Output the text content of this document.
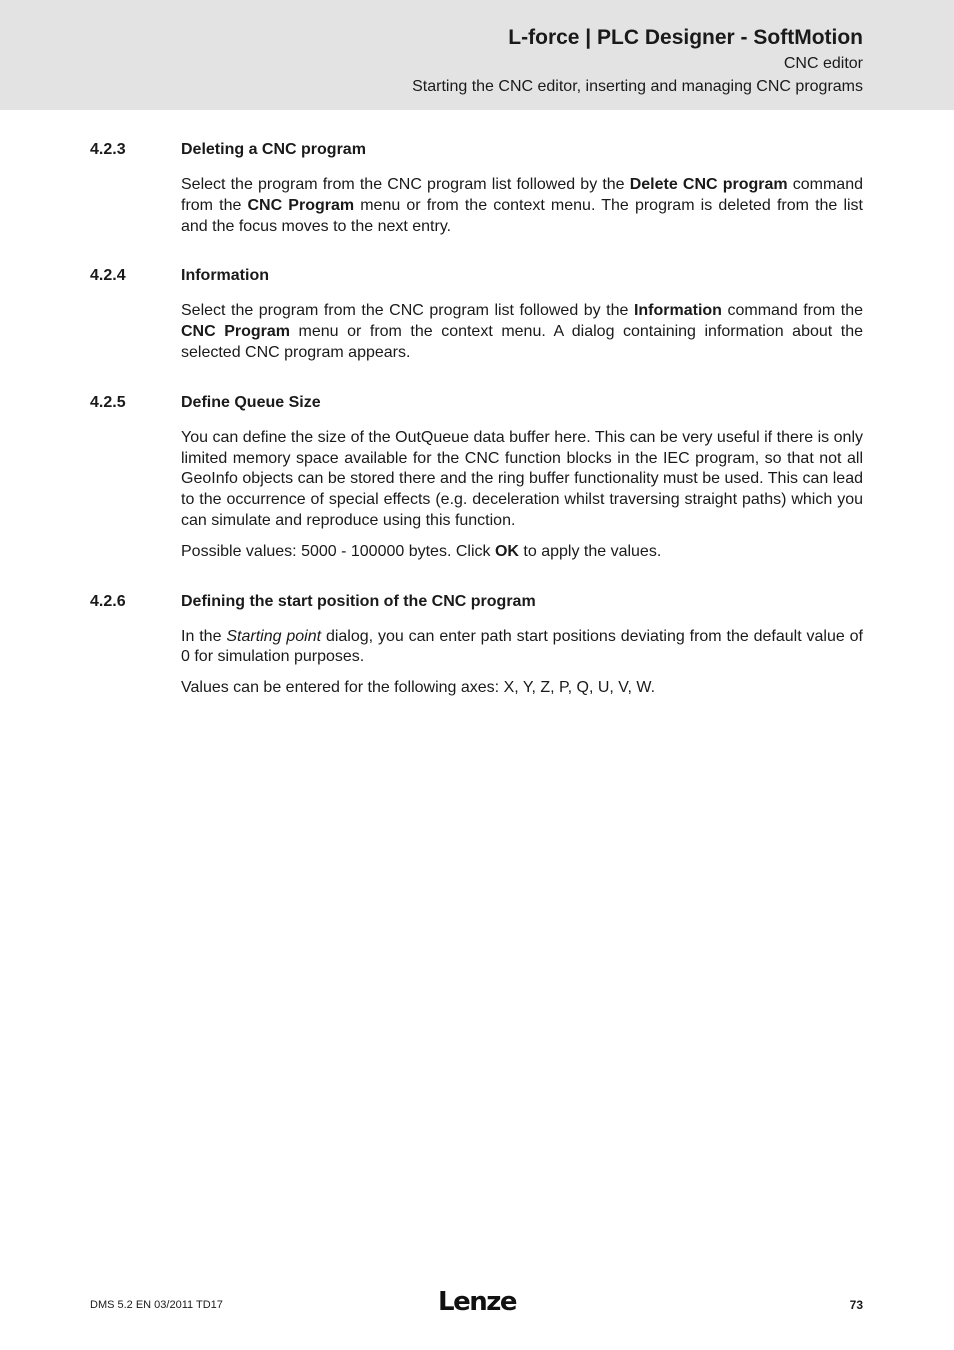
L-force | PLC Designer - SoftMotion
CNC editor
Starting the CNC editor, inserting and managing CNC programs
4.2.3	Deleting a CNC program

Select the program from the CNC program list followed by the Delete CNC program command from the CNC Program menu or from the context menu. The program is deleted from the list and the focus moves to the next entry.

4.2.4	Information

Select the program from the CNC program list followed by the Information command from the CNC Program menu or from the context menu. A dialog containing information about the selected CNC program appears.

4.2.5	Define Queue Size

You can define the size of the OutQueue data buffer here. This can be very useful if there is only limited memory space available for the CNC function blocks in the IEC program, so that not all GeoInfo objects can be stored there and the ring buffer functionality must be used. This can lead to the occurrence of special effects (e.g. deceleration whilst traversing straight paths) which you can simulate and reproduce using this function.

Possible values: 5000 - 100000 bytes. Click OK to apply the values.

4.2.6	Defining the start position of the CNC program

In the Starting point dialog, you can enter path start positions deviating from the default value of 0 for simulation purposes.

Values can be entered for the following axes: X, Y, Z, P, Q, U, V, W.

DMS 5.2 EN 03/2011 TD17	Lenze	73
